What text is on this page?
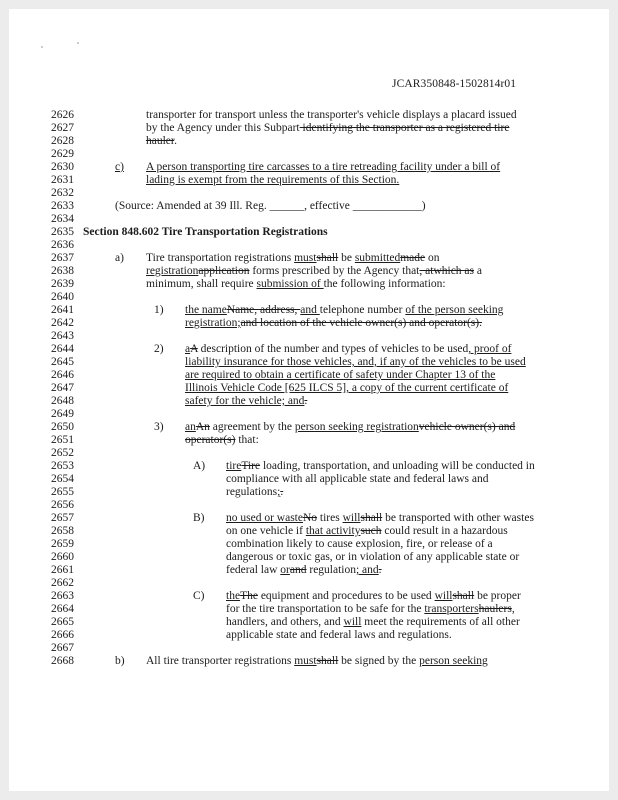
JCAR350848-1502814r01
2626
2627
2628
2629
2630
2631
2632
2633
2634
2635
2636
2637
2638
2639
2640
2641
2642
2643
2644
2645
2646
2647
2648
2649
2650
2651
2652
2653
2654
2655
2656
2657
2658
2659
2660
2661
2662
2663
2664
2665
2666
2667
2668
transporter for transport unless the transporter's vehicle displays a placard issued
by the Agency under this Subpart identifying the transporter as a registered tire
hauler.
c) A person transporting tire carcasses to a tire retreading facility under a bill of
lading is exempt from the requirements of this Section.
(Source: Amended at 39 Ill. Reg. ______, effective ____________)
Section 848.602 Tire Transportation Registrations
a) Tire transportation registrations mustshall be submittedmade on
registrationapplication forms prescribed by the Agency that, atwhich as a
minimum, shall require submission of the following information:
1) the nameName, address, and telephone number of the person seeking
registration;and location of the vehicle owner(s) and operator(s).
2) aA description of the number and types of vehicles to be used, proof of
liability insurance for those vehicles, and, if any of the vehicles to be used
are required to obtain a certificate of safety under Chapter 13 of the
Illinois Vehicle Code [625 ILCS 5], a copy of the current certificate of
safety for the vehicle; and.
3) anAn agreement by the person seeking registrationvehicle owner(s) and
operator(s) that:
A) tireTire loading, transportation, and unloading will be conducted in
compliance with all applicable state and federal laws and
regulations;.
B) no used or wasteNo tires willshall be transported with other wastes
on one vehicle if that activitysuch could result in a hazardous
combination likely to cause explosion, fire, or release of a
dangerous or toxic gas, or in violation of any applicable state or
federal law orand regulation; and.
C) theThe equipment and procedures to be used willshall be proper
for the tire transportation to be safe for the transportershaulers,
handlers, and others, and will meet the requirements of all other
applicable state and federal laws and regulations.
b) All tire transporter registrations mustshall be signed by the person seeking
